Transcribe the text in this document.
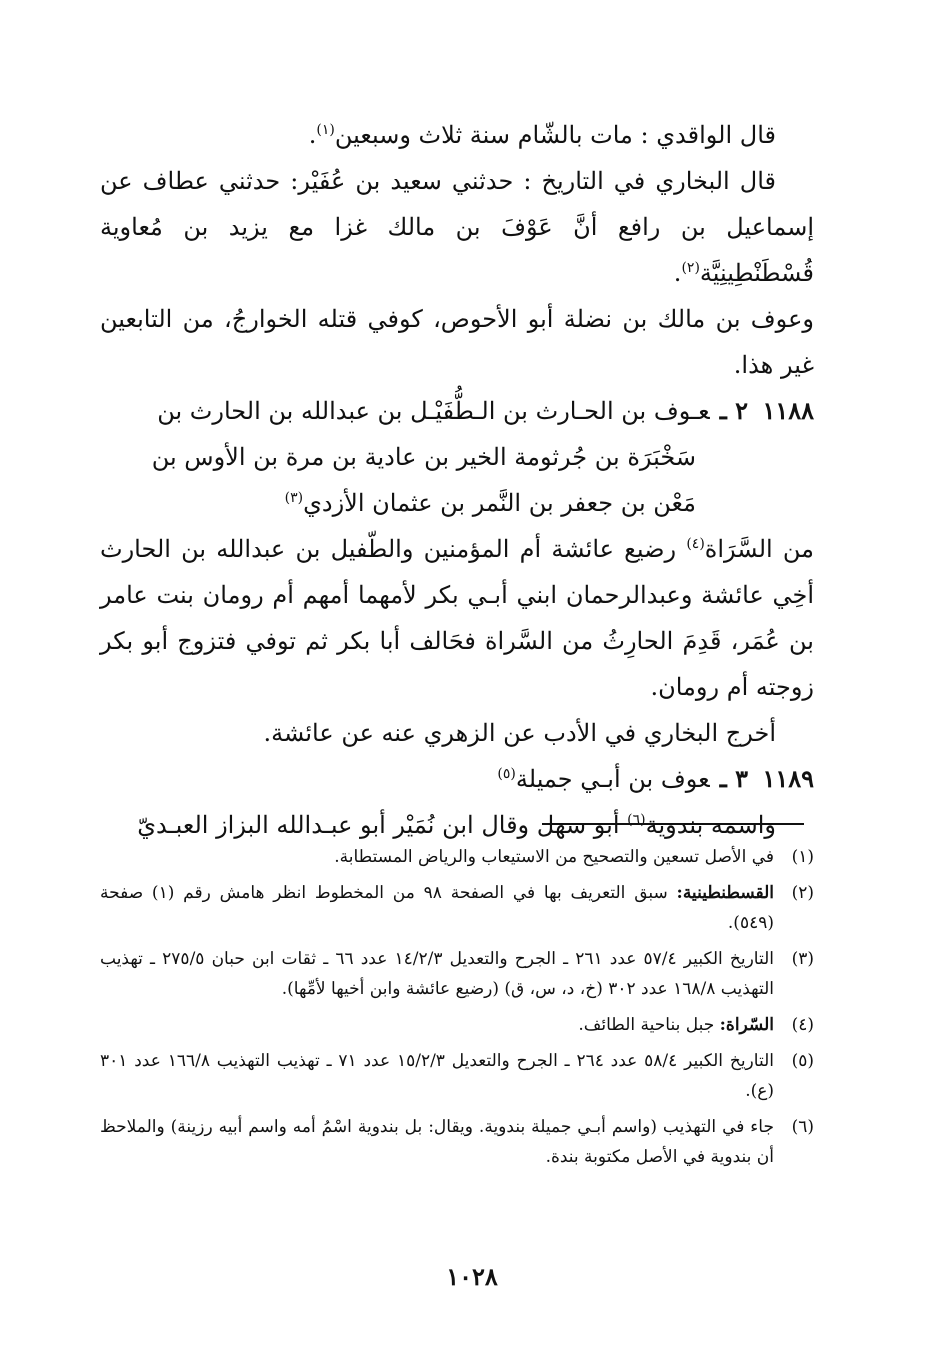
قال الواقدي : مات بالشّام سنة ثلاث وسبعين$^{(١)}$.

قال البخاري في التاريخ : حدثني سعيد بن عُفَيْر: حدثني عطاف عن إسماعيل بن رافع أنَّ عَوْفَ بن مالك غزا مع يزيد بن مُعاوية قُسْطَنْطِينِيَّة$^{(٢)}$.

وعوف بن مالك بن نضلة أبو الأحوص، كوفي قتله الخوارجُ، من التابعين غير هذا.

١١٨٨
٢ ـعـوف بن الحـارث بن الـطُّفَيْـل بن عبدالله بن الحارث بن
سَخْبَرَة بن جُرثومة الخير بن عادية بن مرة بن الأوس بن
مَعْن بن جعفر بن النَّمر بن عثمان الأزدي$^{(٣)}$

من السَّرَاة$^{(٤)}$ رضيع عائشة أم المؤمنين والطّفيل بن عبدالله بن الحارث أخِي عائشة وعبدالرحمان ابني أبـي بكر لأمهما أمهم أم رومان بنت عامر بن عُمَر، قَدِمَ الحارِثُ من السَّراة فحَالف أبا بكر ثم توفي فتزوج أبو بكر زوجته أم رومان.

أخرج البخاري في الأدب عن الزهري عنه عن عائشة.

١١٨٩
٣ ـعوف بن أبـي جميلة$^{(٥)}$

واسمه بندوية$^{(٦)}$ أبو سهل وقال ابن نُمَيْر أبو عبـدالله البزاز العبـديّ

(١)
في الأصل تسعين والتصحيح من الاستيعاب والرياض المستطابة.
(٢)
القسطنطينية: سبق التعريف بها في الصفحة ٩٨ من المخطوط انظر هامش رقم (١) صفحة (٥٤٩).
(٣)
التاريخ الكبير ٥٧/٤ عدد ٢٦١ ـ الجرح والتعديل ١٤/٢/٣ عدد ٦٦ ـ ثقات ابن حبان ٢٧٥/٥ ـ تهذيب التهذيب ١٦٨/٨ عدد ٣٠٢ (خ، د، س، ق) (رضيع عائشة وابن أخيها لأمِّها).
(٤)
السّراة: جبل بناحية الطائف.
(٥)
التاريخ الكبير ٥٨/٤ عدد ٢٦٤ ـ الجرح والتعديل ١٥/٢/٣ عدد ٧١ ـ تهذيب التهذيب ١٦٦/٨ عدد ٣٠١ (ع).
(٦)
جاء في التهذيب (واسم أبـي جميلة بندوية. ويقال: بل بندوية اسْمُ أمه واسم أبيه رزينة) والملاحظ أن بندوية في الأصل مكتوبة بندة.
١٠٢٨
